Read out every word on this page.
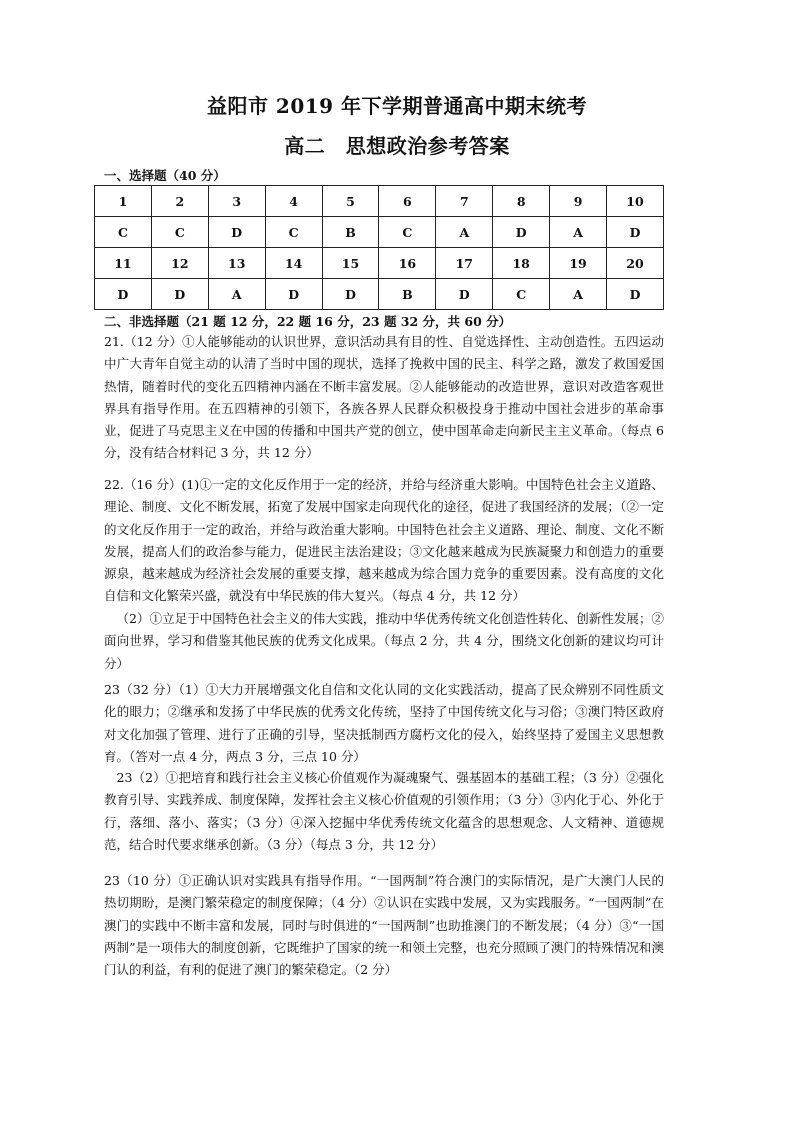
益阳市 2019 年下学期普通高中期末统考
高二　思想政治参考答案
一、选择题（40 分）
1	2	3	4	5	6	7	8	9	10
C	C	D	C	B	C	A	D	A	D
11	12	13	14	15	16	17	18	19	20
D	D	A	D	D	B	D	C	A	D
二、非选择题（21 题 12 分，22 题 16 分，23 题 32 分，共 60 分）

21.（12 分）①人能够能动的认识世界，意识活动具有目的性、自觉选择性、主动创造性。五四运动中广大青年自觉主动的认清了当时中国的现状，选择了挽救中国的民主、科学之路，激发了救国爱国热情，随着时代的变化五四精神内涵在不断丰富发展。②人能够能动的改造世界，意识对改造客观世界具有指导作用。在五四精神的引领下，各族各界人民群众积极投身于推动中国社会进步的革命事业，促进了马克思主义在中国的传播和中国共产党的创立，使中国革命走向新民主主义革命。（每点 6 分，没有结合材料记 3 分，共 12 分）

22.（16 分）(1)①一定的文化反作用于一定的经济，并给与经济重大影响。中国特色社会主义道路、理论、制度、文化不断发展，拓宽了发展中国家走向现代化的途径，促进了我国经济的发展；（②一定的文化反作用于一定的政治，并给与政治重大影响。中国特色社会主义道路、理论、制度、文化不断发展，提高人们的政治参与能力，促进民主法治建设；③文化越来越成为民族凝聚力和创造力的重要源泉，越来越成为经济社会发展的重要支撑，越来越成为综合国力竞争的重要因素。没有高度的文化自信和文化繁荣兴盛，就没有中华民族的伟大复兴。（每点 4 分，共 12 分）

（2）①立足于中国特色社会主义的伟大实践，推动中华优秀传统文化创造性转化、创新性发展；②面向世界，学习和借鉴其他民族的优秀文化成果。（每点 2 分，共 4 分，围绕文化创新的建议均可计分）

23（32 分）（1）①大力开展增强文化自信和文化认同的文化实践活动，提高了民众辨别不同性质文化的眼力；②继承和发扬了中华民族的优秀文化传统，坚持了中国传统文化与习俗；③澳门特区政府对文化加强了管理、进行了正确的引导，坚决抵制西方腐朽文化的侵入，始终坚持了爱国主义思想教育。（答对一点 4 分，两点 3 分，三点 10 分）

23（2）①把培育和践行社会主义核心价值观作为凝魂聚气、强基固本的基础工程；（3 分）②强化教育引导、实践养成、制度保障，发挥社会主义核心价值观的引领作用；（3 分）③内化于心、外化于行，落细、落小、落实；（3 分）④深入挖掘中华优秀传统文化蕴含的思想观念、人文精神、道德规范，结合时代要求继承创新。（3 分）（每点 3 分，共 12 分）

23（10 分）①正确认识对实践具有指导作用。“一国两制”符合澳门的实际情况，是广大澳门人民的热切期盼，是澳门繁荣稳定的制度保障；（4 分）②认识在实践中发展，又为实践服务。“一国两制”在澳门的实践中不断丰富和发展，同时与时俱进的“一国两制”也助推澳门的不断发展；（4 分）③“一国两制”是一项伟大的制度创新，它既维护了国家的统一和领土完整，也充分照顾了澳门的特殊情况和澳门认的利益，有利的促进了澳门的繁荣稳定。（2 分）
